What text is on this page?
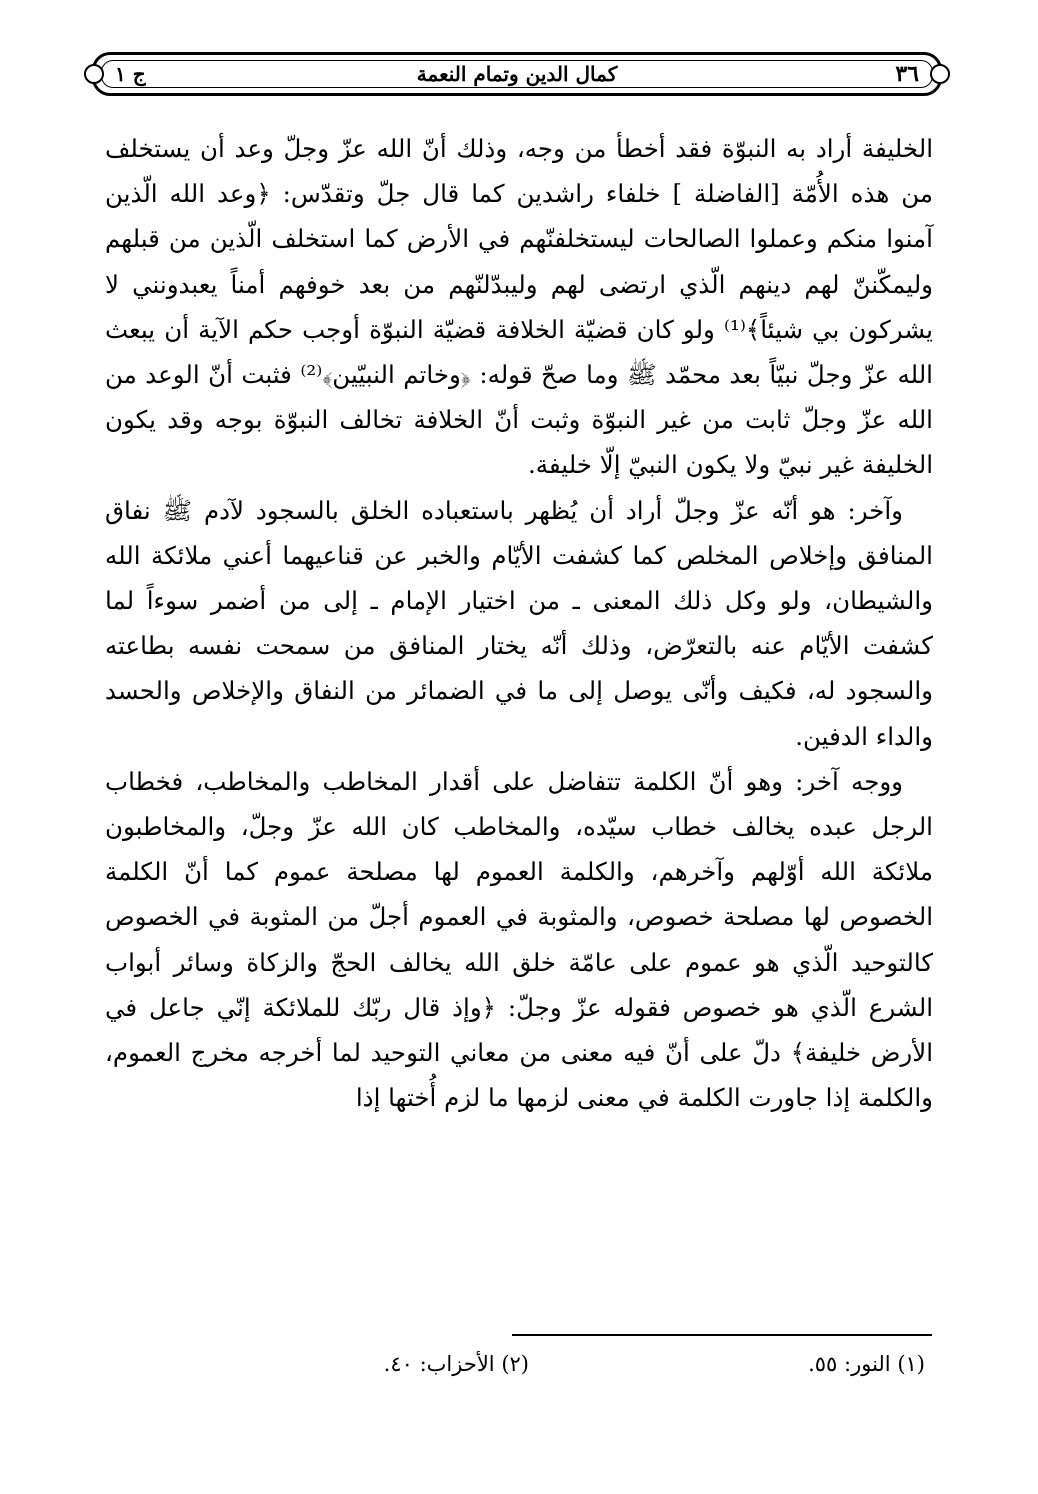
٣٦
كمال الدين وتمام النعمة
ج ١

الخليفة أراد به النبوّة فقد أخطأ من وجه، وذلك أنّ الله عزّ وجلّ وعد أن يستخلف من هذه الأُمّة [الفاضلة ] خلفاء راشدين كما قال جلّ وتقدّس: ﴿وعد الله الّذين آمنوا منكم وعملوا الصالحات ليستخلفنّهم في الأرض كما استخلف الّذين من قبلهم وليمكّننّ لهم دينهم الّذي ارتضى لهم وليبدّلنّهم من بعد خوفهم أمناً يعبدونني لا يشركون بي شيئاً﴾⁽¹⁾ ولو كان قضيّة الخلافة قضيّة النبوّة أوجب حكم الآية أن يبعث الله عزّ وجلّ نبيّاً بعد محمّد ﷺ وما صحّ قوله: ﴿وخاتم النبيّين﴾⁽²⁾ فثبت أنّ الوعد من الله عزّ وجلّ ثابت من غير النبوّة وثبت أنّ الخلافة تخالف النبوّة بوجه وقد يكون الخليفة غير نبيّ ولا يكون النبيّ إلّا خليفة.

وآخر: هو أنّه عزّ وجلّ أراد أن يُظهر باستعباده الخلق بالسجود لآدم ﷺ نفاق المنافق وإخلاص المخلص كما كشفت الأيّام والخبر عن قناعيهما أعني ملائكة الله والشيطان، ولو وكل ذلك المعنى ـ من اختيار الإمام ـ إلى من أضمر سوءاً لما كشفت الأيّام عنه بالتعرّض، وذلك أنّه يختار المنافق من سمحت نفسه بطاعته والسجود له، فكيف وأنّى يوصل إلى ما في الضمائر من النفاق والإخلاص والحسد والداء الدفين.

ووجه آخر: وهو أنّ الكلمة تتفاضل على أقدار المخاطب والمخاطب، فخطاب الرجل عبده يخالف خطاب سيّده، والمخاطب كان الله عزّ وجلّ، والمخاطبون ملائكة الله أوّلهم وآخرهم، والكلمة العموم لها مصلحة عموم كما أنّ الكلمة الخصوص لها مصلحة خصوص، والمثوبة في العموم أجلّ من المثوبة في الخصوص كالتوحيد الّذي هو عموم على عامّة خلق الله يخالف الحجّ والزكاة وسائر أبواب الشرع الّذي هو خصوص فقوله عزّ وجلّ: ﴿وإذ قال ربّك للملائكة إنّي جاعل في الأرض خليفة﴾ دلّ على أنّ فيه معنى من معاني التوحيد لما أخرجه مخرج العموم، والكلمة إذا جاورت الكلمة في معنى لزمها ما لزم أُختها إذا

(١) النور: ٥٥.
(٢) الأحزاب: ٤٠.
